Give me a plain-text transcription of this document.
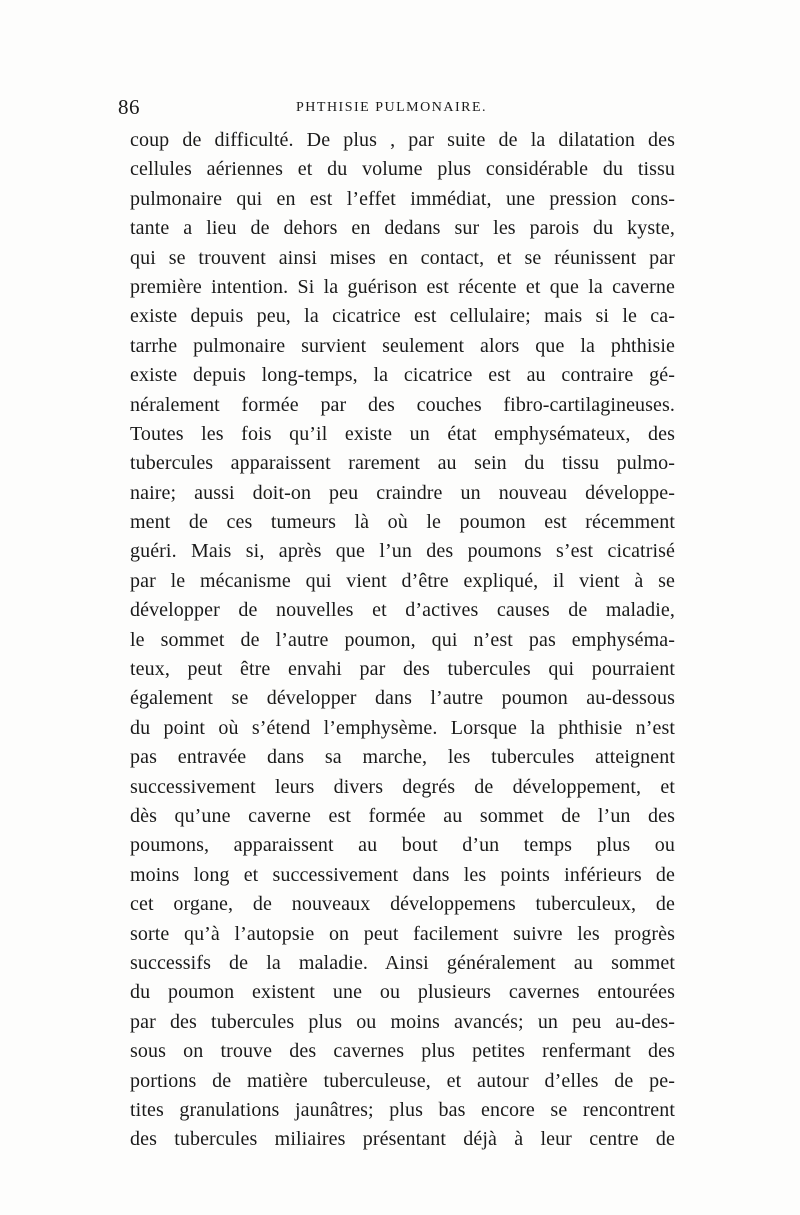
86	PHTHISIE PULMONAIRE.
coup de difficulté. De plus , par suite de la dilatation des
cellules aériennes et du volume plus considérable du tissu
pulmonaire qui en est l’effet immédiat, une pression cons-
tante a lieu de dehors en dedans sur les parois du kyste,
qui se trouvent ainsi mises en contact, et se réunissent par
première intention. Si la guérison est récente et que la caverne
existe depuis peu, la cicatrice est cellulaire; mais si le ca-
tarrhe pulmonaire survient seulement alors que la phthisie
existe depuis long-temps, la cicatrice est au contraire gé-
néralement formée par des couches fibro-cartilagineuses.
Toutes les fois qu’il existe un état emphysémateux, des
tubercules apparaissent rarement au sein du tissu pulmo-
naire; aussi doit-on peu craindre un nouveau développe-
ment de ces tumeurs là où le poumon est récemment
guéri. Mais si, après que l’un des poumons s’est cicatrisé
par le mécanisme qui vient d’être expliqué, il vient à se
développer de nouvelles et d’actives causes de maladie,
le sommet de l’autre poumon, qui n’est pas emphyséma-
teux, peut être envahi par des tubercules qui pourraient
également se développer dans l’autre poumon au-dessous
du point où s’étend l’emphysème. Lorsque la phthisie n’est
pas entravée dans sa marche, les tubercules atteignent
successivement leurs divers degrés de développement, et
dès qu’une caverne est formée au sommet de l’un des
poumons, apparaissent au bout d’un temps plus ou
moins long et successivement dans les points inférieurs de
cet organe, de nouveaux développemens tuberculeux, de
sorte qu’à l’autopsie on peut facilement suivre les progrès
successifs de la maladie. Ainsi généralement au sommet
du poumon existent une ou plusieurs cavernes entourées
par des tubercules plus ou moins avancés; un peu au-des-
sous on trouve des cavernes plus petites renfermant des
portions de matière tuberculeuse, et autour d’elles de pe-
tites granulations jaunâtres; plus bas encore se rencontrent
des tubercules miliaires présentant déjà à leur centre de
